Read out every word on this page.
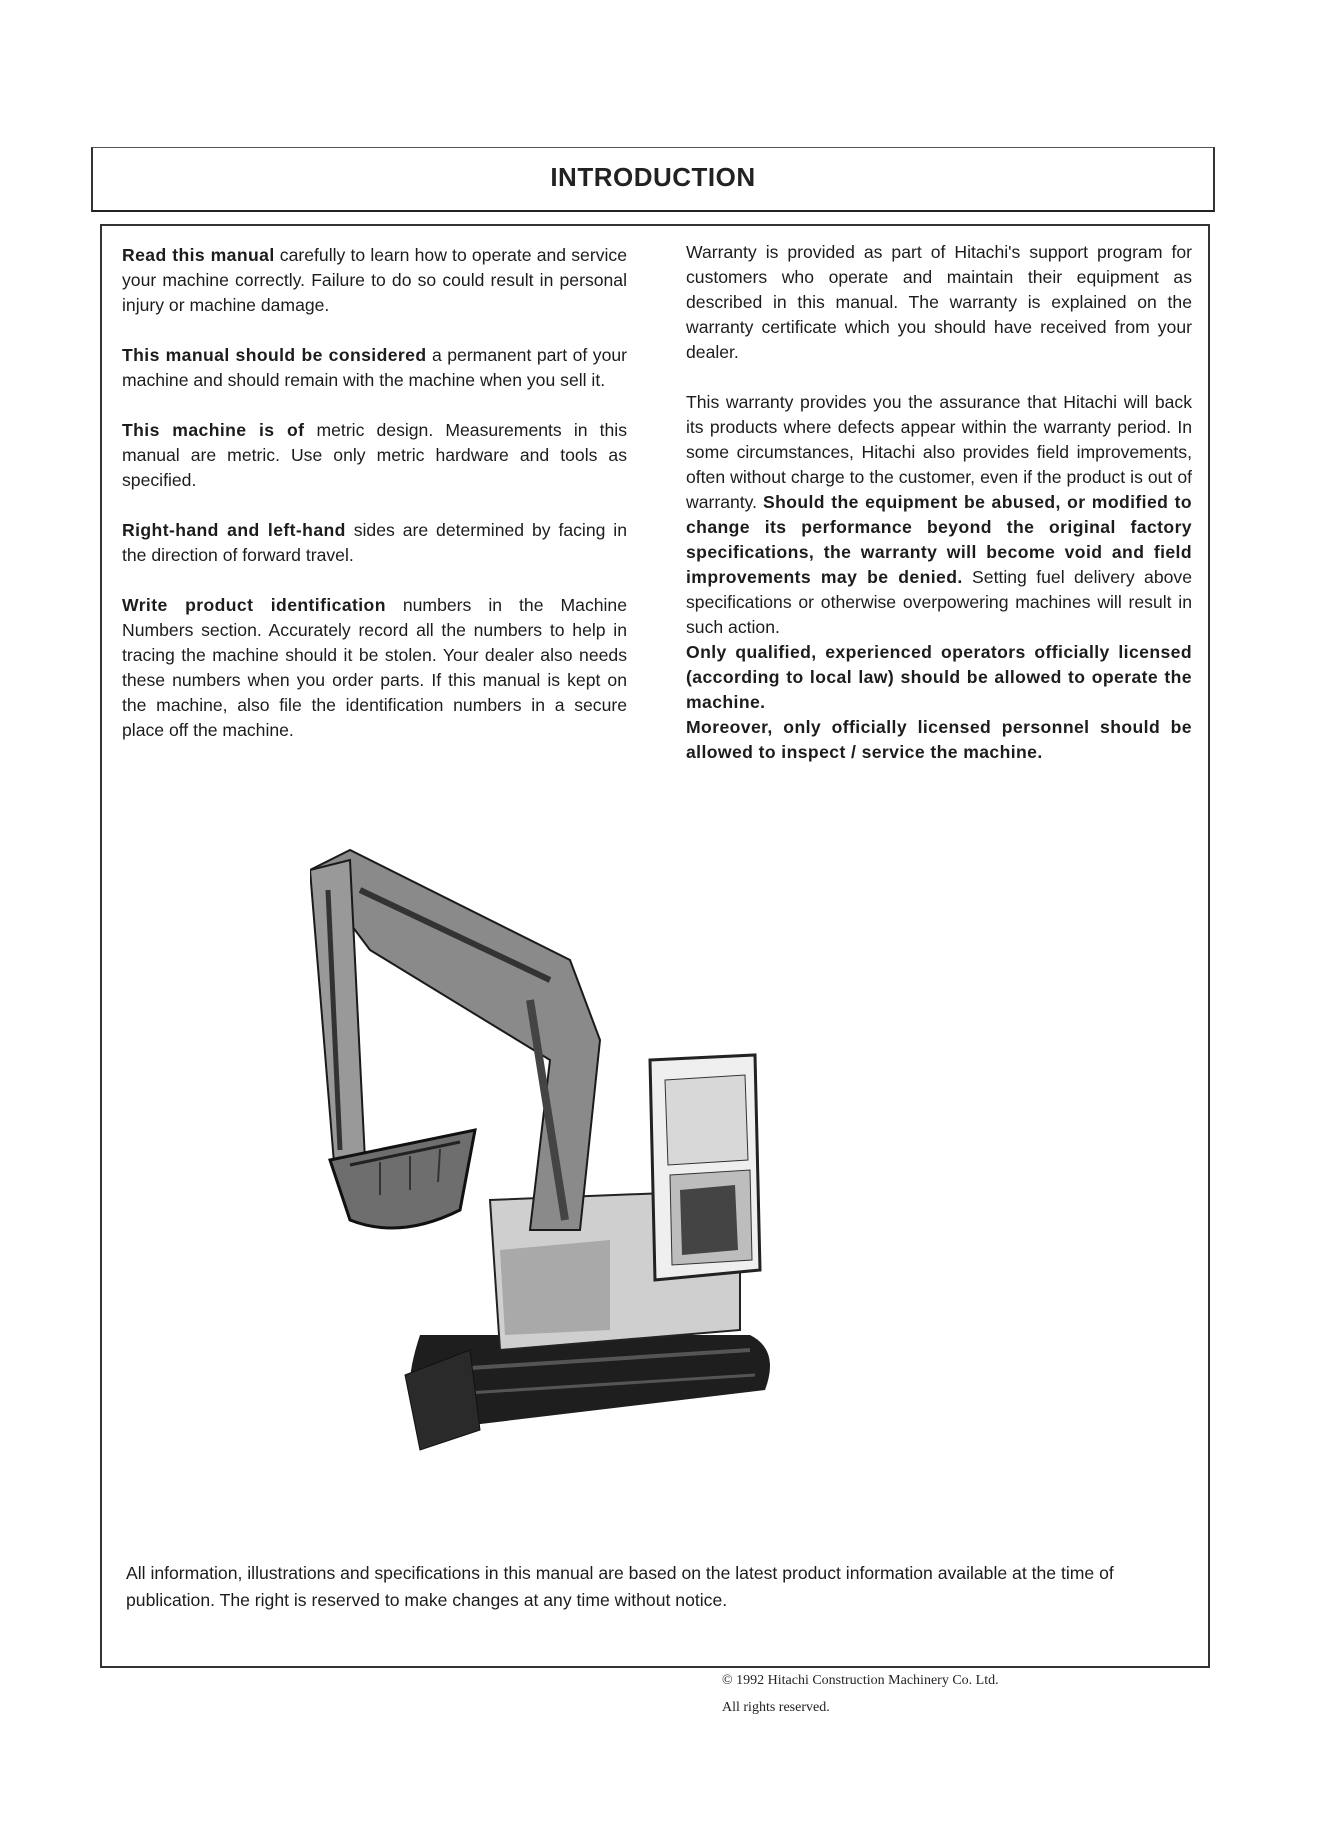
INTRODUCTION

Read this manual carefully to learn how to operate and service your machine correctly. Failure to do so could result in personal injury or machine damage.

This manual should be considered a permanent part of your machine and should remain with the machine when you sell it.

This machine is of metric design. Measurements in this manual are metric. Use only metric hardware and tools as specified.

Right-hand and left-hand sides are determined by facing in the direction of forward travel.

Write product identification numbers in the Machine Numbers section. Accurately record all the numbers to help in tracing the machine should it be stolen. Your dealer also needs these numbers when you order parts. If this manual is kept on the machine, also file the identification numbers in a secure place off the machine.

Warranty is provided as part of Hitachi's support program for customers who operate and maintain their equipment as described in this manual. The warranty is explained on the warranty certificate which you should have received from your dealer.

This warranty provides you the assurance that Hitachi will back its products where defects appear within the warranty period. In some circumstances, Hitachi also provides field improvements, often without charge to the customer, even if the product is out of warranty. Should the equipment be abused, or modified to change its performance beyond the original factory specifications, the warranty will become void and field improvements may be denied. Setting fuel delivery above specifications or otherwise overpowering machines will result in such action.

Only qualified, experienced operators officially licensed (according to local law) should be allowed to operate the machine.

Moreover, only officially licensed personnel should be allowed to inspect / service the machine.

All information, illustrations and specifications in this manual are based on the latest product information available at the time of publication. The right is reserved to make changes at any time without notice.
© 1992 Hitachi Construction Machinery Co. Ltd.
All rights reserved.
